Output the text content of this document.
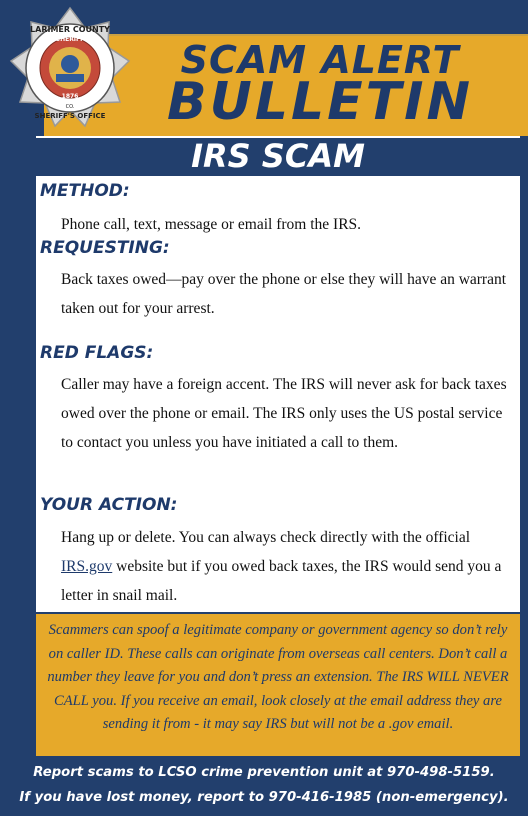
SCAM ALERT
BULLETIN
SHERIFF
1876
CO.
LARIMER COUNTY
SHERIFF'S OFFICE
IRS SCAM
METHOD:
Phone call, text, message or email from the IRS.
REQUESTING:
Back taxes owed—pay over the phone or else they will have an warrant taken out for your arrest.
RED FLAGS:
Caller may have a foreign accent. The IRS will never ask for back taxes owed over the phone or email. The IRS only uses the US postal service to contact you unless you have initiated a call to them.
YOUR ACTION:
Hang up or delete. You can always check directly with the official IRS.gov website but if you owed back taxes, the IRS would send you a letter in snail mail.
Scammers can spoof a legitimate company or government agency so don’t rely on caller ID. These calls can originate from overseas call centers. Don’t call a number they leave for you and don’t press an extension. The IRS WILL NEVER CALL you. If you receive an email, look closely at the email address they are sending it from - it may say IRS but will not be a .gov email.
Report scams to LCSO crime prevention unit at 970-498-5159.
If you have lost money, report to 970-416-1985 (non-emergency).
